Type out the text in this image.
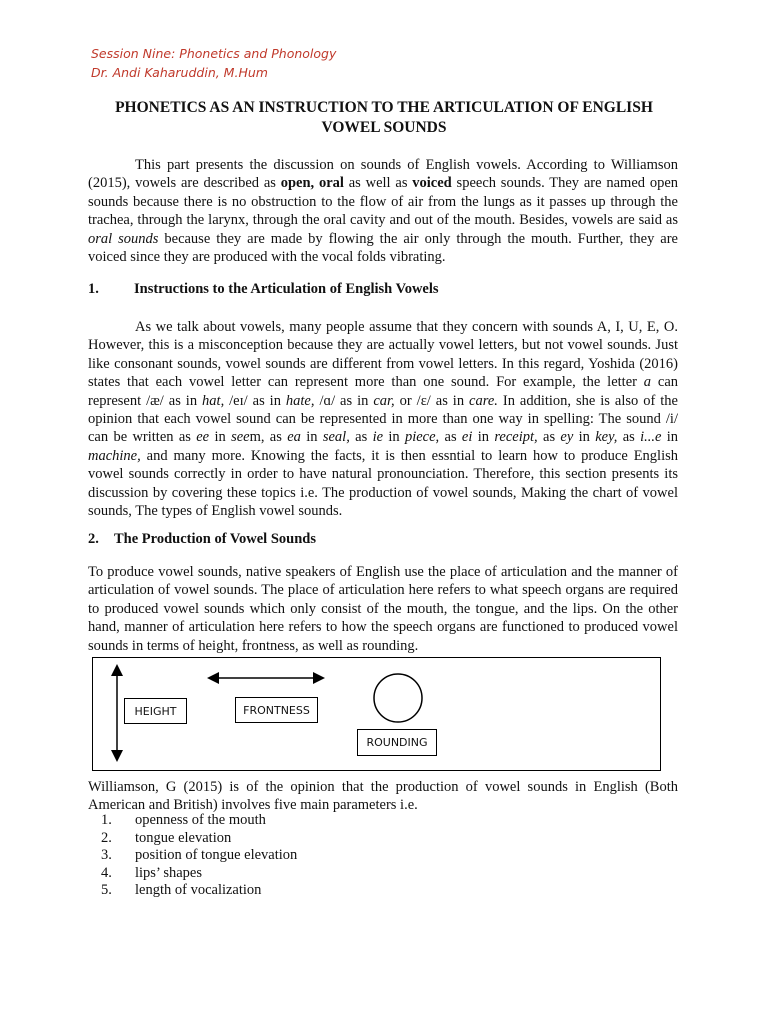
Session Nine: Phonetics and Phonology
Dr. Andi Kaharuddin, M.Hum
PHONETICS AS AN INSTRUCTION TO THE ARTICULATION OF ENGLISH
VOWEL SOUNDS

This part presents the discussion on sounds of English vowels. According to Williamson (2015), vowels are described as open, oral as well as voiced speech sounds. They are named open sounds because there is no obstruction to the flow of air from the lungs as it passes up through the trachea, through the larynx, through the oral cavity and out of the mouth. Besides, vowels are said as oral sounds because they are made by flowing the air only through the mouth. Further, they are voiced since they are produced with the vocal folds vibrating.

1. Instructions to the Articulation of English Vowels

As we talk about vowels, many people assume that they concern with sounds A, I, U, E, O. However, this is a misconception because they are actually vowel letters, but not vowel sounds. Just like consonant sounds, vowel sounds are different from vowel letters. In this regard, Yoshida (2016) states that each vowel letter can represent more than one sound. For example, the letter a can represent /æ/ as in hat, /eɪ/ as in hate, /ɑ/ as in car, or /ɛ/ as in care. In addition, she is also of the opinion that each vowel sound can be represented in more than one way in spelling: The sound /i/ can be written as ee in seem, as ea in seal, as ie in piece, as ei in receipt, as ey in key, as i...e in machine, and many more. Knowing the facts, it is then essntial to learn how to produce English vowel sounds correctly in order to have natural pronounciation. Therefore, this section presents its discussion by covering these topics i.e. The production of vowel sounds, Making the chart of vowel sounds, The types of English vowel sounds.

2. The Production of Vowel Sounds

To produce vowel sounds, native speakers of English use the place of articulation and the manner of articulation of vowel sounds. The place of articulation here refers to what speech organs are required to produced vowel sounds which only consist of the mouth, the tongue, and the lips. On the other hand, manner of articulation here refers to how the speech organs are functioned to produced vowel sounds in terms of height, frontness, as well as rounding.

HEIGHT	FRONTNESS
ROUNDING

Williamson, G (2015) is of the opinion that the production of vowel sounds in English (Both American and British) involves five main parameters i.e.

1.	openness of the mouth
2.	tongue elevation
3.	position of tongue elevation
4.	lips’ shapes
5.	length of vocalization
